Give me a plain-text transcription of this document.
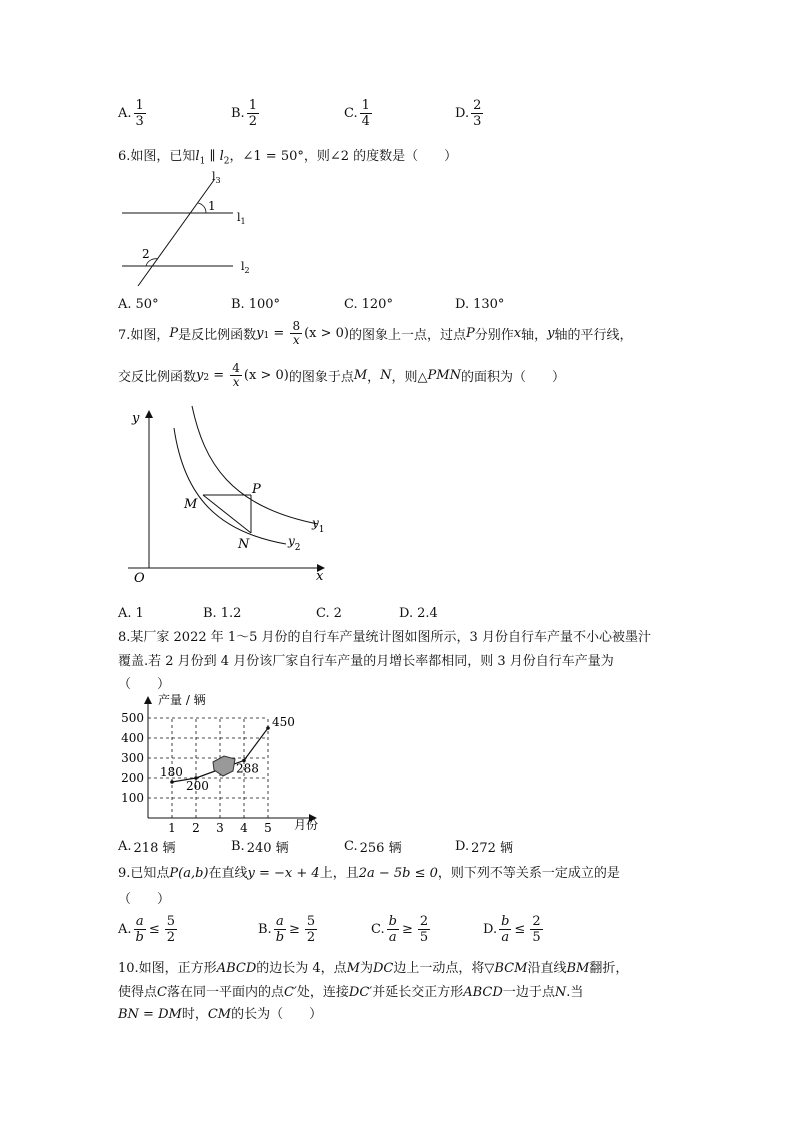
A. $\frac{1}{3}$	B. $\frac{1}{2}$	C. $\frac{1}{4}$	D. $\frac{2}{3}$
6.如图，已知$l_1$ ∥ $l_2$，∠1 = 50°，则∠2 的度数是（　　）
1
2
$l_3$
$l_1$
$l_2$
A. 50°	B. 100°	C. 120°	D. 130°
7.如图， P 是反比例函数 y $1 = \frac{8}{x} (x > 0)$ 的图象上一点，过点 P 分别作 x 轴， y 轴的平行线，
交反比例函数 y $2 = \frac{4}{x} (x > 0)$ 的图象于点 M ， N ，则△ PMN 的面积为（　　）
y
x
O
P
M
N
$y_1$
$y_2$
A. 1	B. 1.2	C. 2	D. 2.4
8.某厂家 2022 年 1～5 月份的自行车产量统计图如图所示，3 月份自行车产量不小心被墨汁
覆盖.若 2 月份到 4 月份该厂家自行车产量的月增长率都相同，则 3 月份自行车产量为
（　　）
产量 / 辆
月份
100
200
300
400
500
1 2 3 4 5
180
200
288
450
A. 218 辆	B. 240 辆	C. 256 辆	D. 272 辆
9.已知点P(a,b)在直线y = −x + 4上，且2a − 5b ≤ 0，则下列不等关系一定成立的是
（　　）
A. $\frac{a}{b} \le \frac{5}{2}$	B. $\frac{a}{b} \ge \frac{5}{2}$	C. $\frac{b}{a} \ge \frac{2}{5}$	D. $\frac{b}{a} \le \frac{2}{5}$
10.如图，正方形ABCD的边长为 4，点M为DC边上一动点，将▽BCM沿直线BM翻折，
使得点C落在同一平面内的点C′处，连接DC′并延长交正方形ABCD一边于点N.当
BN = DM时，CM的长为（　　）
